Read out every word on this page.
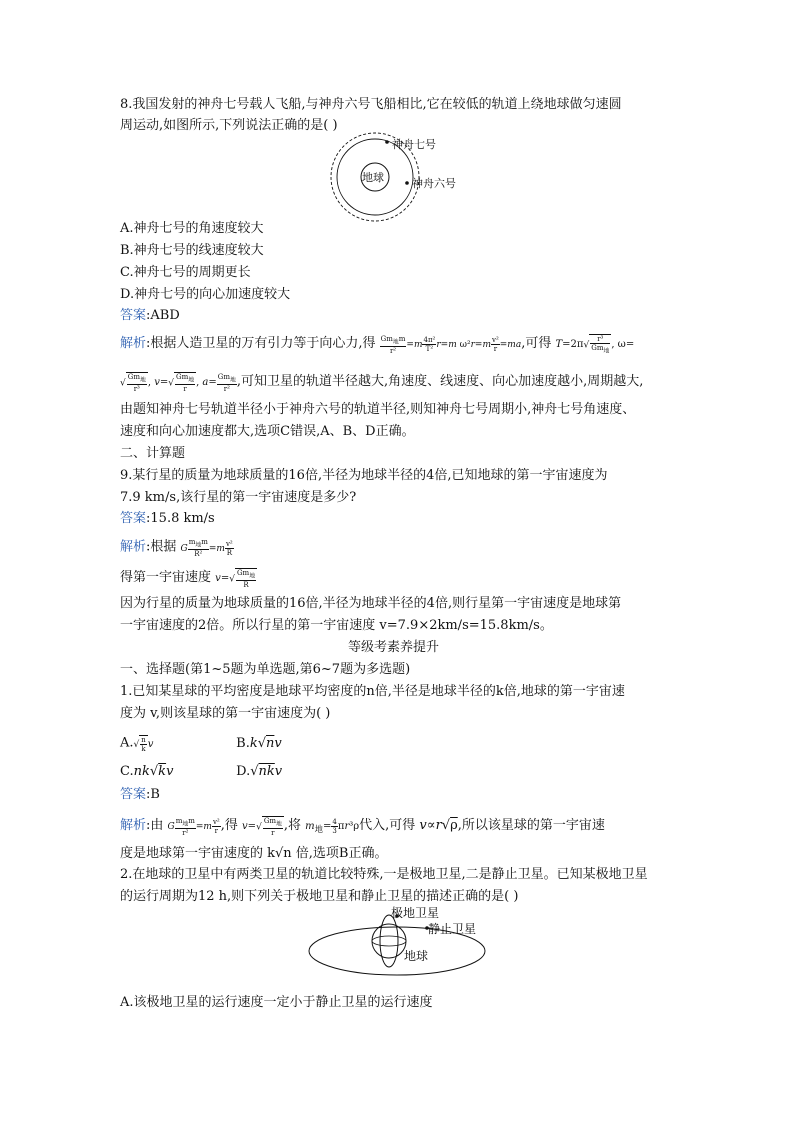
8.我国发射的神舟七号载人飞船,与神舟六号飞船相比,它在较低的轨道上绕地球做匀速圆
周运动,如图所示,下列说法正确的是( )
地球
神舟七号
神舟六号
A.神舟七号的角速度较大
B.神舟七号的线速度较大
C.神舟七号的周期更长
D.神舟七号的向心加速度较大
答案:ABD
解析:根据人造卫星的万有引力等于向心力,得 $\frac{Gm_地m}{\text{r²}} =m \frac{\text{4π²}}{\text{T²}} r=m$ $\omega^2r=m \frac{\text{v²}}{r} =ma$,可得 $T=2\pi√ \frac{\text{r³}}{Gm_地}$ , ω=
√ $\frac{Gm_地}{\text{r³}}$ , $v=√ \frac{Gm_地}{r}$ , $a= \frac{Gm_地}{\text{r²}}$ ,可知卫星的轨道半径越大,角速度、线速度、向心加速度越小,周期越大,
由题知神舟七号轨道半径小于神舟六号的轨道半径,则知神舟七号周期小,神舟七号角速度、
速度和向心加速度都大,选项C错误,A、B、D正确。
二、计算题
9.某行星的质量为地球质量的16倍,半径为地球半径的4倍,已知地球的第一宇宙速度为
7.9 km/s,该行星的第一宇宙速度是多少?
答案:15.8 km/s
解析:根据 G $\frac{m_地m}{\text{R²}} =m \frac{\text{v²}}{R}$
得第一宇宙速度 $v=√ \frac{Gm_地}{R}$
因为行星的质量为地球质量的16倍,半径为地球半径的4倍,则行星第一宇宙速度是地球第
一宇宙速度的2倍。所以行星的第一宇宙速度 v=7.9×2km/s=15.8km/s。
等级考素养提升
一、选择题(第1~5题为单选题,第6~7题为多选题)
1.已知某星球的平均密度是地球平均密度的n倍,半径是地球半径的k倍,地球的第一宇宙速
度为 v,则该星球的第一宇宙速度为( )
$A.√ \frac{n}{k}$ v	B.k√nv
C.nk√kv	D.√nkv
答案:B
解析:由 G $\frac{m_地m}{\text{r²}} =m \frac{\text{v²}}{r}$ ,得 $v=√ \frac{Gm_地}{r}$ ,将 $m_地= \frac{4}{3} \pi r^3\rho$代入,可得 v∝r√ρ,所以该星球的第一宇宙速
度是地球第一宇宙速度的 k√n 倍,选项B正确。
2.在地球的卫星中有两类卫星的轨道比较特殊,一是极地卫星,二是静止卫星。已知某极地卫星
的运行周期为12 h,则下列关于极地卫星和静止卫星的描述正确的是( )
极地卫星
静止卫星
地球
A.该极地卫星的运行速度一定小于静止卫星的运行速度
